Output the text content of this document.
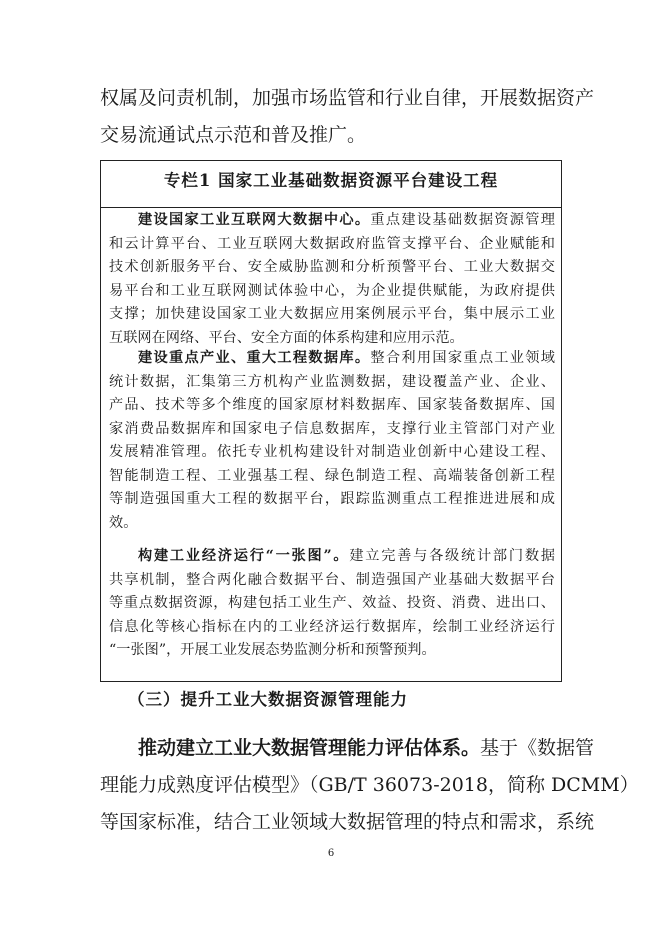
权属及问责机制，加强市场监管和行业自律，开展数据资产
交易流通试点示范和普及推广。
专栏1 国家工业基础数据资源平台建设工程
建设国家工业互联网大数据中心。重点建设基础数据资源管理
和云计算平台、工业互联网大数据政府监管支撑平台、企业赋能和
技术创新服务平台、安全威胁监测和分析预警平台、工业大数据交
易平台和工业互联网测试体验中心，为企业提供赋能，为政府提供
支撑；加快建设国家工业大数据应用案例展示平台，集中展示工业
互联网在网络、平台、安全方面的体系构建和应用示范。
建设重点产业、重大工程数据库。整合利用国家重点工业领域
统计数据，汇集第三方机构产业监测数据，建设覆盖产业、企业、
产品、技术等多个维度的国家原材料数据库、国家装备数据库、国
家消费品数据库和国家电子信息数据库，支撑行业主管部门对产业
发展精准管理。依托专业机构建设针对制造业创新中心建设工程、
智能制造工程、工业强基工程、绿色制造工程、高端装备创新工程
等制造强国重大工程的数据平台，跟踪监测重点工程推进进展和成
效。
构建工业经济运行“一张图”。建立完善与各级统计部门数据
共享机制，整合两化融合数据平台、制造强国产业基础大数据平台
等重点数据资源，构建包括工业生产、效益、投资、消费、进出口、
信息化等核心指标在内的工业经济运行数据库，绘制工业经济运行
“一张图”，开展工业发展态势监测分析和预警预判。
（三）提升工业大数据资源管理能力
推动建立工业大数据管理能力评估体系。基于《数据管
理能力成熟度评估模型》（GB/T 36073-2018，简称 DCMM）
等国家标准，结合工业领域大数据管理的特点和需求，系统
6
